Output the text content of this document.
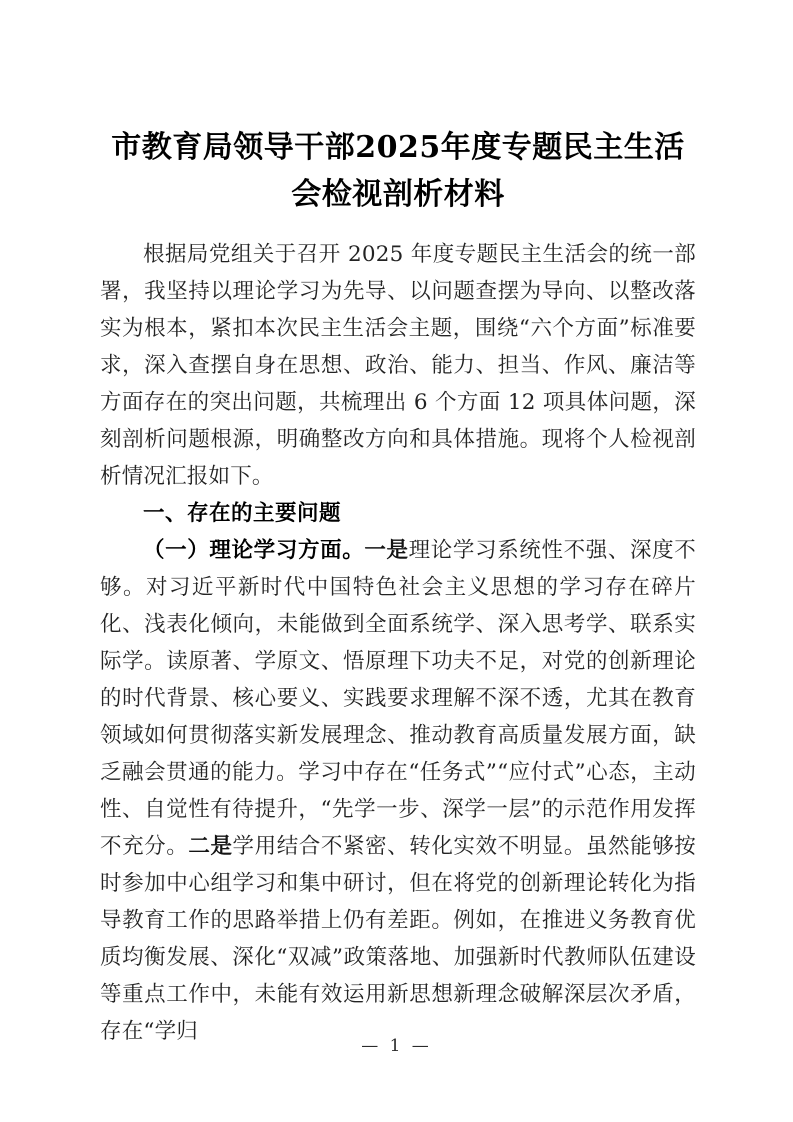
市教育局领导干部2025年度专题民主生活会检视剖析材料

根据局党组关于召开 2025 年度专题民主生活会的统一部署，我坚持以理论学习为先导、以问题查摆为导向、以整改落实为根本，紧扣本次民主生活会主题，围绕“六个方面”标准要求，深入查摆自身在思想、政治、能力、担当、作风、廉洁等方面存在的突出问题，共梳理出 6 个方面 12 项具体问题，深刻剖析问题根源，明确整改方向和具体措施。现将个人检视剖析情况汇报如下。

一、存在的主要问题

（一）理论学习方面。一是理论学习系统性不强、深度不够。对习近平新时代中国特色社会主义思想的学习存在碎片化、浅表化倾向，未能做到全面系统学、深入思考学、联系实际学。读原著、学原文、悟原理下功夫不足，对党的创新理论的时代背景、核心要义、实践要求理解不深不透，尤其在教育领域如何贯彻落实新发展理念、推动教育高质量发展方面，缺乏融会贯通的能力。学习中存在“任务式”“应付式”心态，主动性、自觉性有待提升，“先学一步、深学一层”的示范作用发挥不充分。二是学用结合不紧密、转化实效不明显。虽然能够按时参加中心组学习和集中研讨，但在将党的创新理论转化为指导教育工作的思路举措上仍有差距。例如，在推进义务教育优质均衡发展、深化“双减”政策落地、加强新时代教师队伍建设等重点工作中，未能有效运用新思想新理念破解深层次矛盾，存在“学归

— 1 —
